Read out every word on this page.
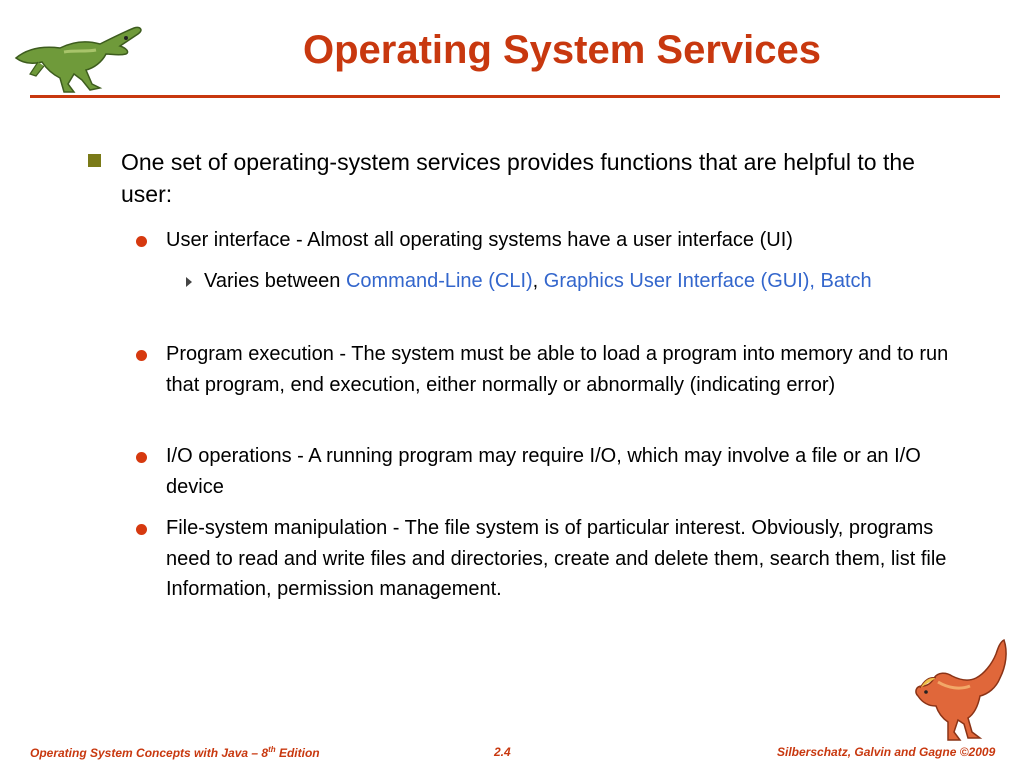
Operating System Services
One set of operating-system services provides functions that are helpful to the user:
User interface - Almost all operating systems have a user interface (UI)
Varies between Command-Line (CLI), Graphics User Interface (GUI), Batch
Program execution - The system must be able to load a program into memory and to run that program, end execution, either normally or abnormally (indicating error)
I/O operations - A running program may require I/O, which may involve a file or an I/O device
File-system manipulation - The file system is of particular interest. Obviously, programs need to read and write files and directories, create and delete them, search them, list file Information, permission management.
Operating System Concepts with Java – 8th Edition	2.4	Silberschatz, Galvin and Gagne ©2009
